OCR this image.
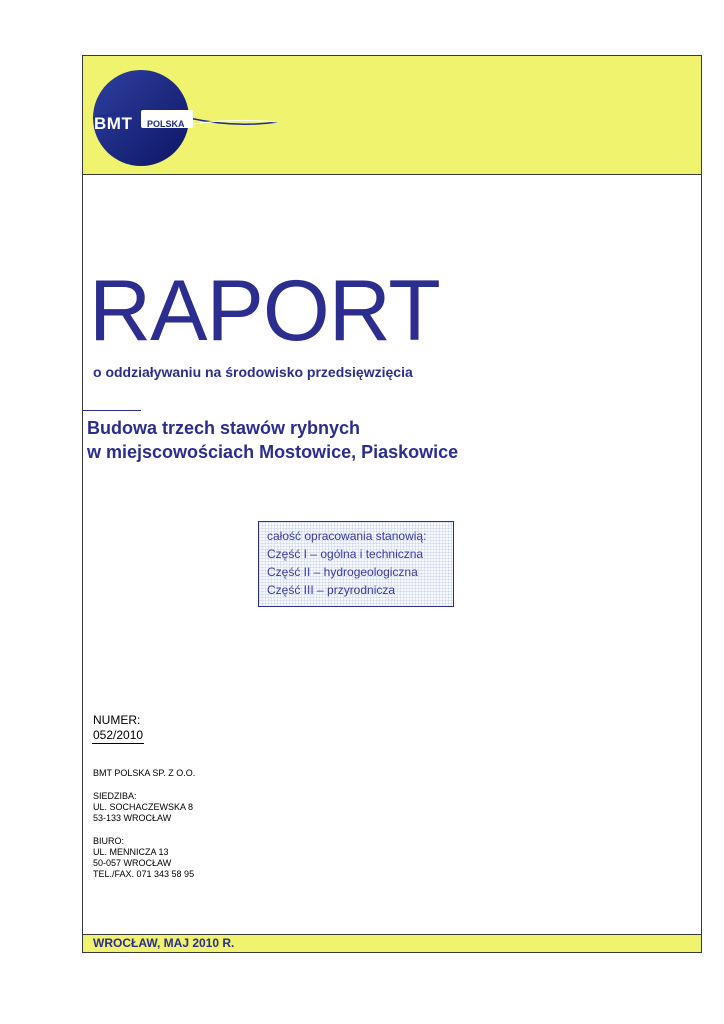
BMT POLSKA
RAPORT
o oddziaływaniu na środowisko przedsięwzięcia
Budowa trzech stawów rybnych
w miejscowościach Mostowice, Piaskowice
całość opracowania stanowią:
Część I – ogólna i techniczna
Część II – hydrogeologiczna
Część III – przyrodnicza
NUMER:
052/2010
BMT POLSKA SP. Z O.O.
SIEDZIBA:
UL. SOCHACZEWSKA 8
53-133 WROCŁAW
BIURO:
UL. MENNICZA 13
50-057 WROCŁAW
TEL./FAX. 071 343 58 95
WROCŁAW, MAJ 2010 R.
